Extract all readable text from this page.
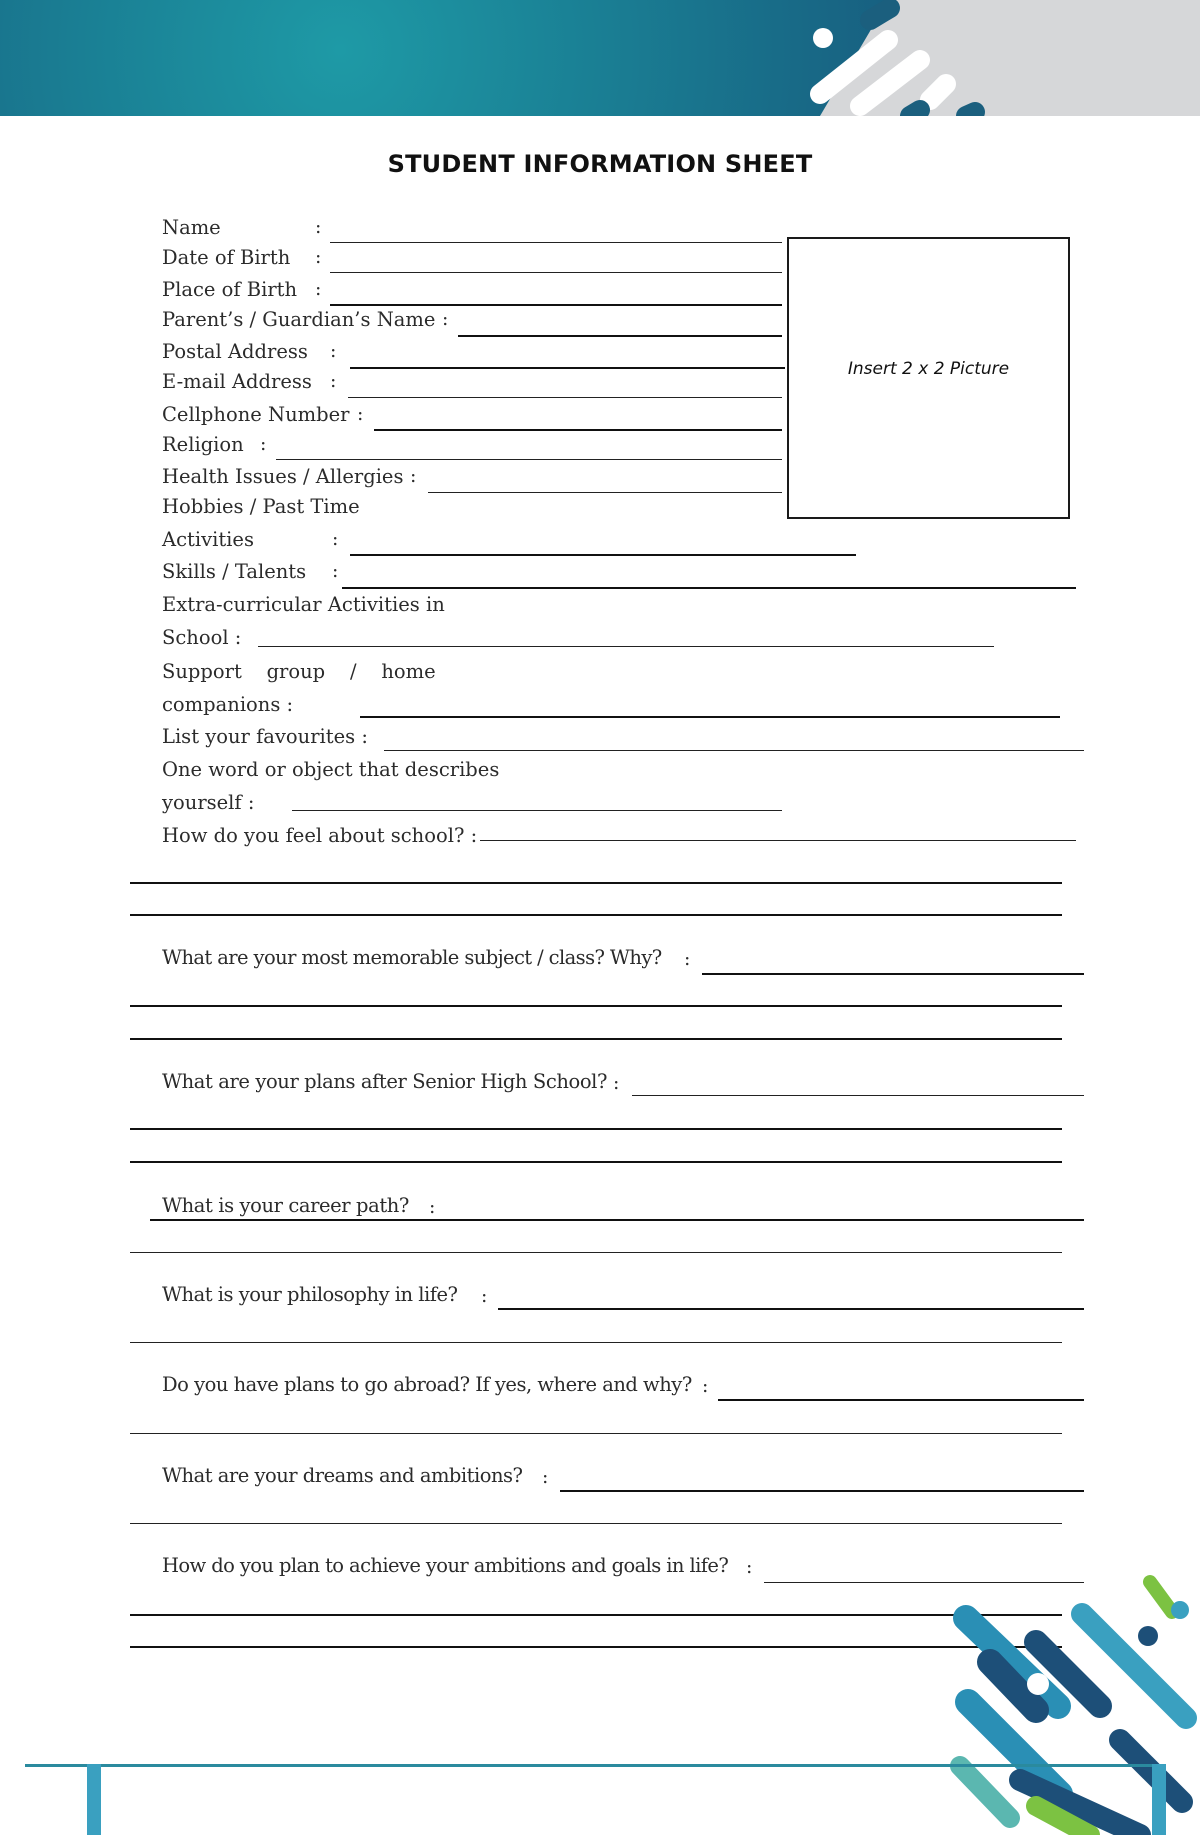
STUDENT INFORMATION SHEET
Insert 2 x 2 Picture
Name	:
Date of Birth :
Place of Birth :
Parent’s / Guardian’s Name :
Postal Address :
E-mail Address :
Cellphone Number :
Religion :
Health Issues / Allergies :
Hobbies / Past Time
Activities	:
Skills / Talents :
Extra-curricular Activities in
School :
Support    group    /    home
companions :
List your favourites :
One word or object that describes
yourself :
How do you feel about school? :
What are your most memorable subject / class? Why? :
What are your plans after Senior High School? :
What is your career path? :
What is your philosophy in life? :
Do you have plans to go abroad? If yes, where and why? :
What are your dreams and ambitions? :
How do you plan to achieve your ambitions and goals in life? :
